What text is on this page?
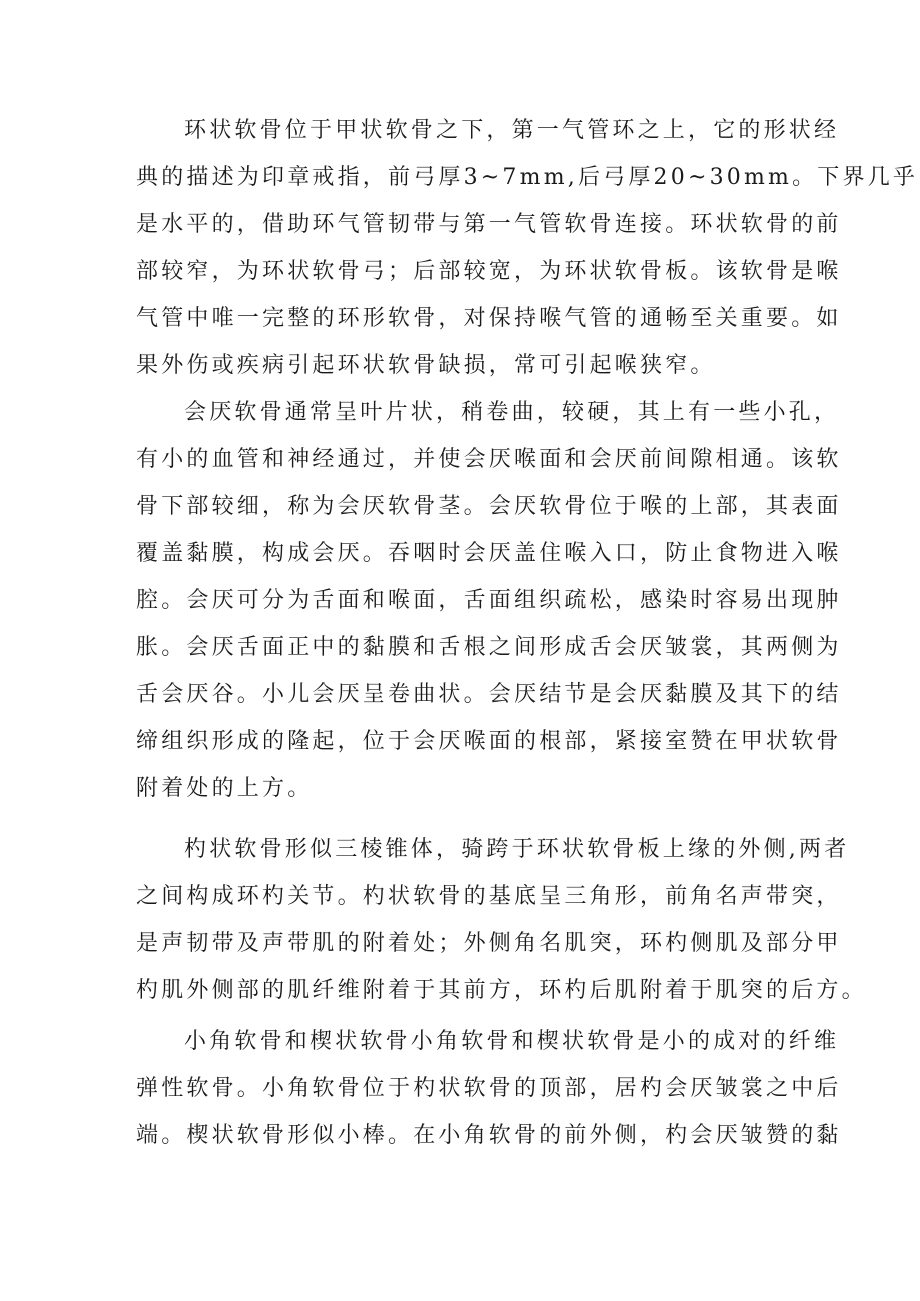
环状软骨位于甲状软骨之下，第一气管环之上，它的形状经
典的描述为印章戒指，前弓厚3~7mm,后弓厚20~30mm。下界几乎
是水平的，借助环气管韧带与第一气管软骨连接。环状软骨的前
部较窄，为环状软骨弓；后部较宽，为环状软骨板。该软骨是喉
气管中唯一完整的环形软骨，对保持喉气管的通畅至关重要。如
果外伤或疾病引起环状软骨缺损，常可引起喉狭窄。
会厌软骨通常呈叶片状，稍卷曲，较硬，其上有一些小孔，
有小的血管和神经通过，并使会厌喉面和会厌前间隙相通。该软
骨下部较细，称为会厌软骨茎。会厌软骨位于喉的上部，其表面
覆盖黏膜，构成会厌。吞咽时会厌盖住喉入口，防止食物进入喉
腔。会厌可分为舌面和喉面，舌面组织疏松，感染时容易出现肿
胀。会厌舌面正中的黏膜和舌根之间形成舌会厌皱裳，其两侧为
舌会厌谷。小儿会厌呈卷曲状。会厌结节是会厌黏膜及其下的结
缔组织形成的隆起，位于会厌喉面的根部，紧接室赞在甲状软骨
附着处的上方。
杓状软骨形似三棱锥体，骑跨于环状软骨板上缘的外侧,两者
之间构成环杓关节。杓状软骨的基底呈三角形，前角名声带突，
是声韧带及声带肌的附着处；外侧角名肌突，环杓侧肌及部分甲
杓肌外侧部的肌纤维附着于其前方，环杓后肌附着于肌突的后方。
小角软骨和楔状软骨小角软骨和楔状软骨是小的成对的纤维
弹性软骨。小角软骨位于杓状软骨的顶部，居杓会厌皱裳之中后
端。楔状软骨形似小棒。在小角软骨的前外侧，杓会厌皱赞的黏
